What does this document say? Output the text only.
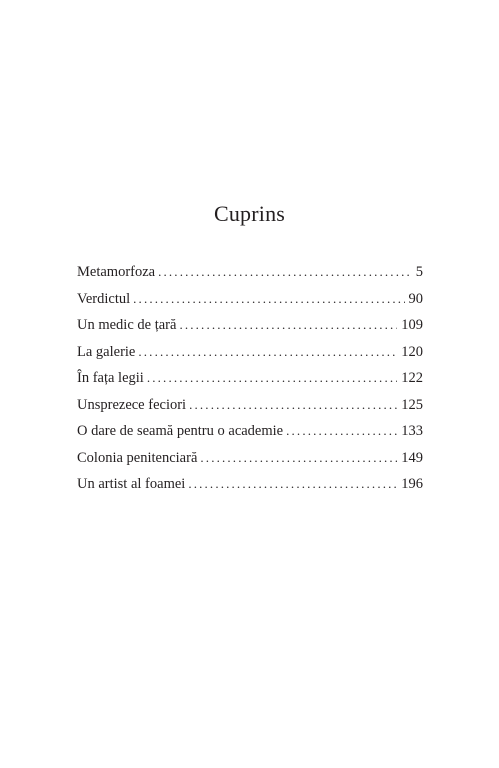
Cuprins
Metamorfoza . . .	5
Verdictul . . .	90
Un medic de țară . . .	109
La galerie . . .	120
În fața legii . . .	122
Unsprezece feciori . . .	125
O dare de seamă pentru o academie . . .	133
Colonia penitenciară . . .	149
Un artist al foamei . . .	196
